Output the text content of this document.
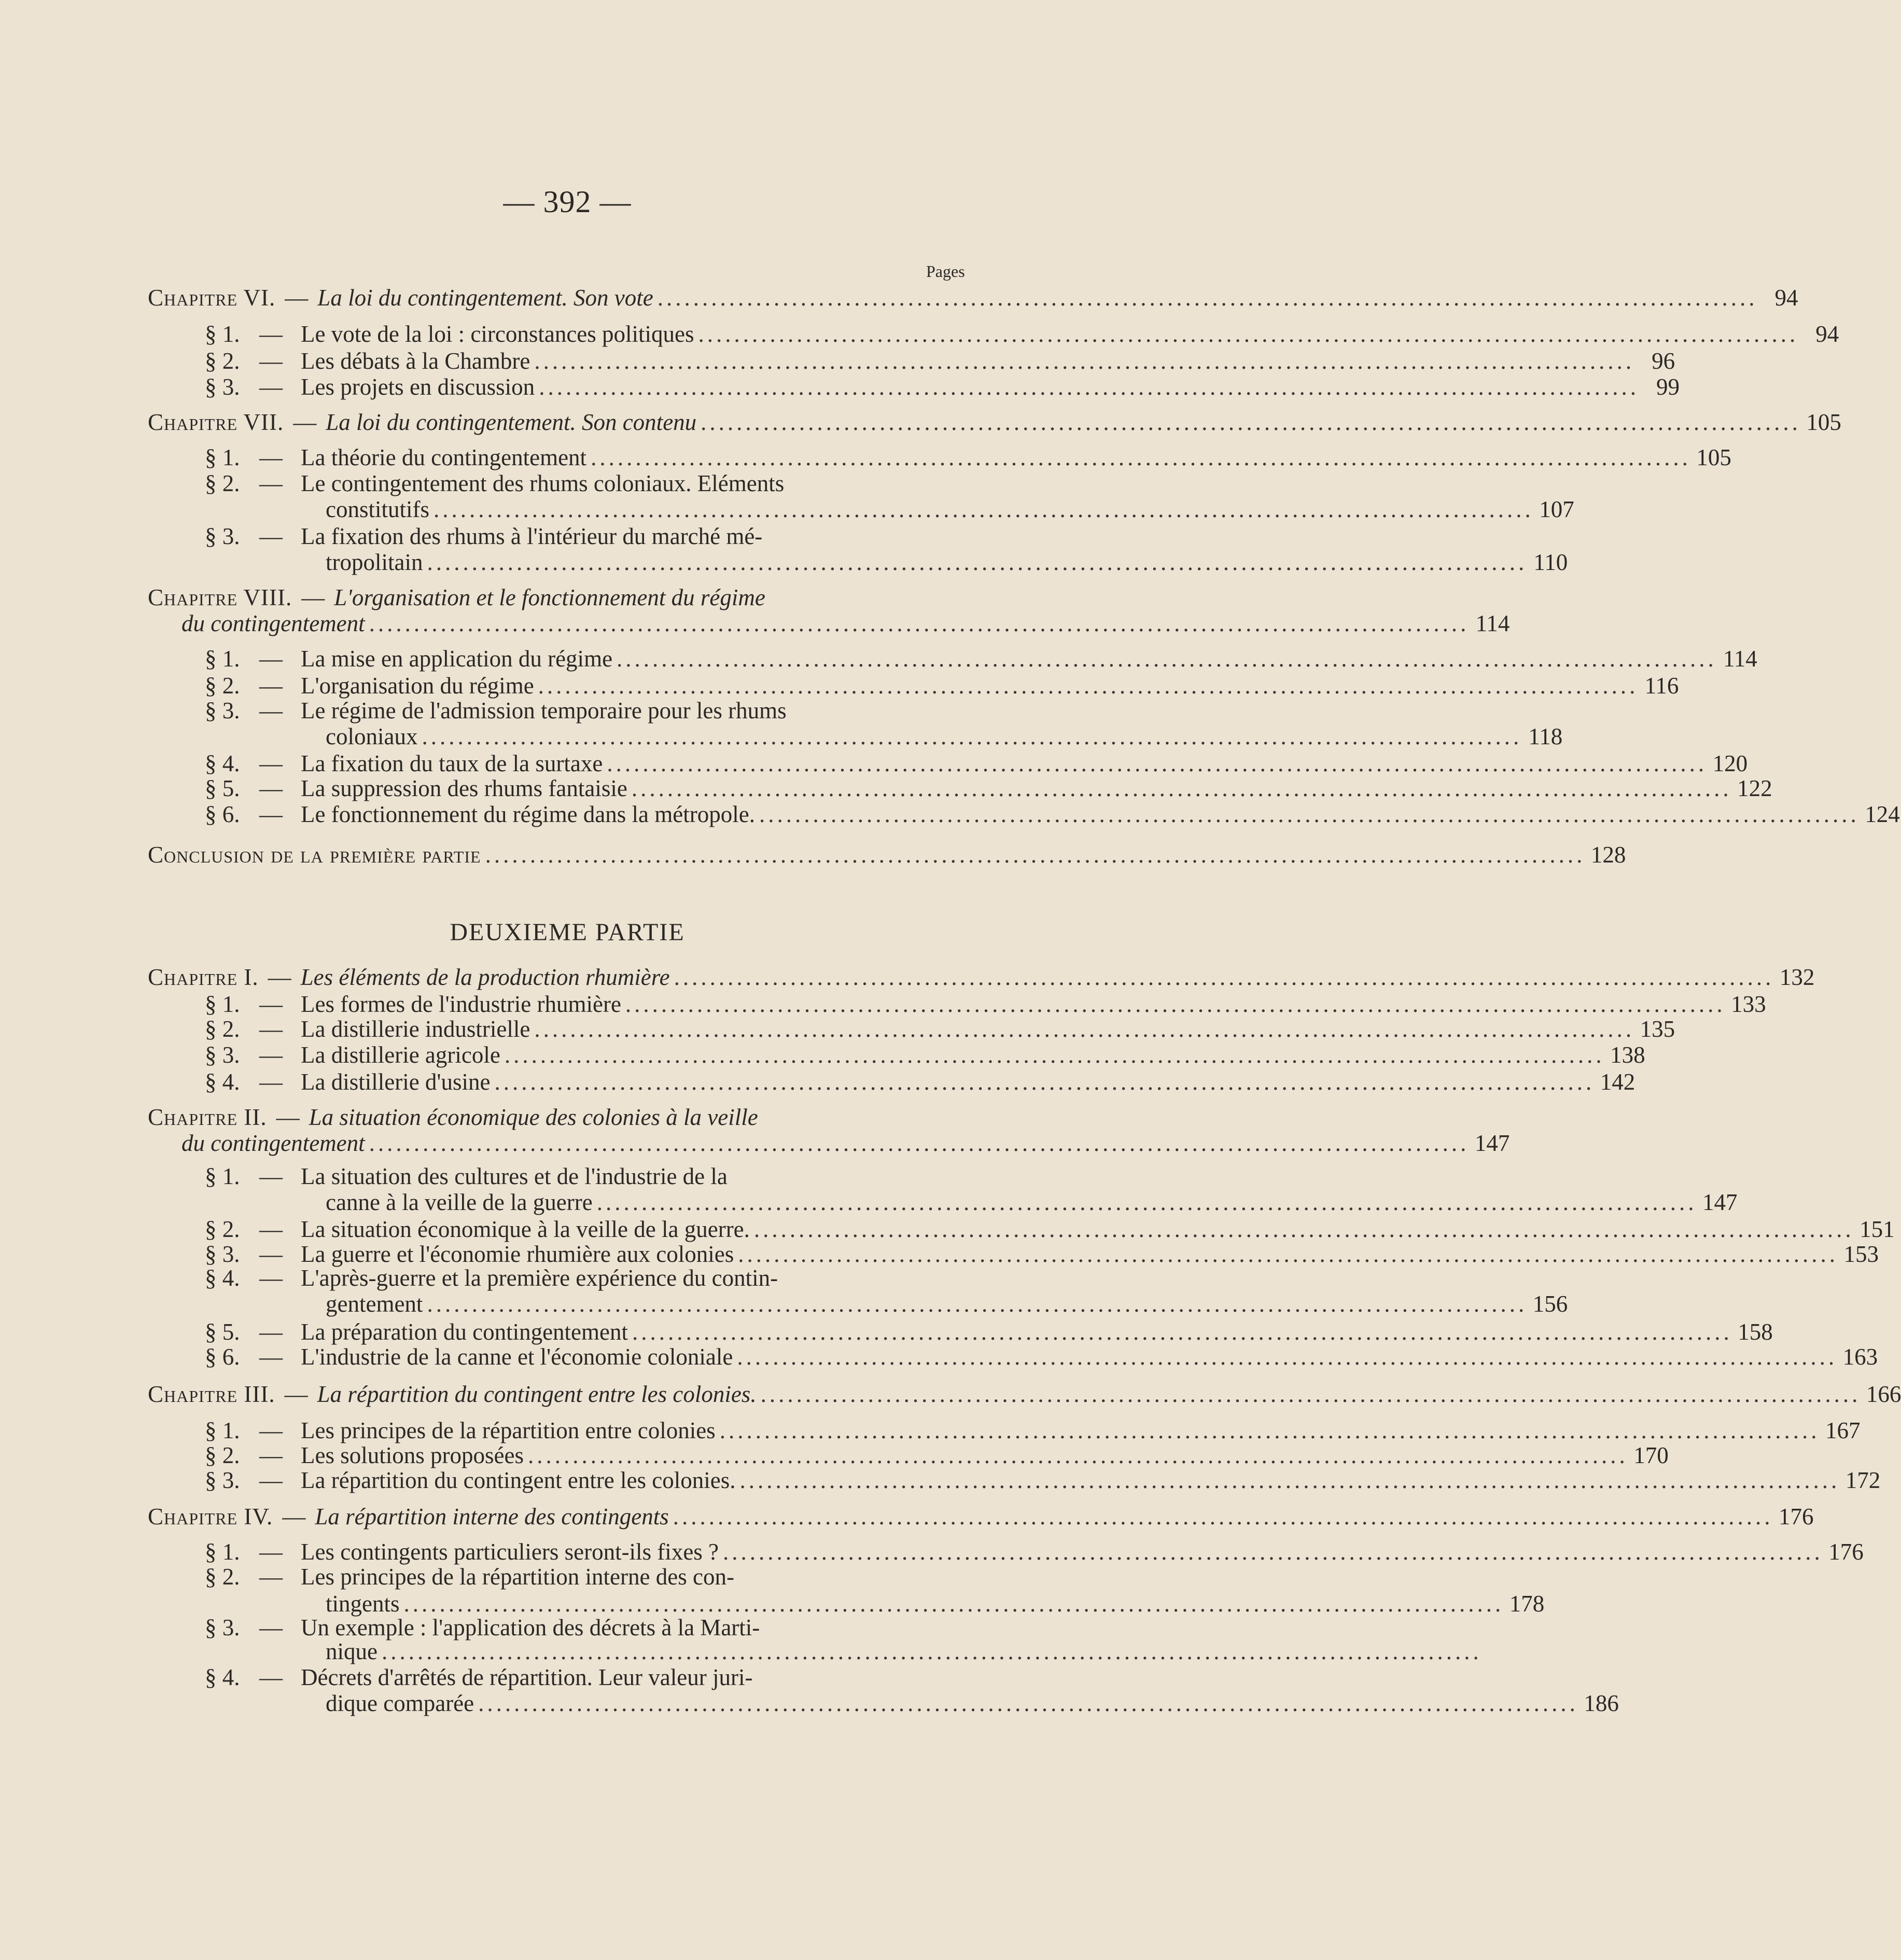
— 392 —
Pages
DEUXIEME PARTIE
Chapitre VI. — La loi du contingentement. Son vote ........................................................................................................................... 94
§ 1. — Le vote de la loi : circonstances politiques ........................................................................................................................... 94
§ 2. — Les débats à la Chambre ........................................................................................................................... 96
§ 3. — Les projets en discussion ........................................................................................................................... 99
Chapitre VII. — La loi du contingentement. Son contenu ........................................................................................................................... 105
§ 1. — La théorie du contingentement ........................................................................................................................... 105
§ 2. — Le contingentement des rhums coloniaux. Eléments
constitutifs ........................................................................................................................... 107
§ 3. — La fixation des rhums à l'intérieur du marché mé-
tropolitain ........................................................................................................................... 110
Chapitre VIII. — L'organisation et le fonctionnement du régime
du contingentement ........................................................................................................................... 114
§ 1. — La mise en application du régime ........................................................................................................................... 114
§ 2. — L'organisation du régime ........................................................................................................................... 116
§ 3. — Le régime de l'admission temporaire pour les rhums
coloniaux ........................................................................................................................... 118
§ 4. — La fixation du taux de la surtaxe ........................................................................................................................... 120
§ 5. — La suppression des rhums fantaisie ........................................................................................................................... 122
§ 6. — Le fonctionnement du régime dans la métropole. ........................................................................................................................... 124
Conclusion de la première partie ........................................................................................................................... 128
Chapitre I. — Les éléments de la production rhumière ........................................................................................................................... 132
§ 1. — Les formes de l'industrie rhumière ........................................................................................................................... 133
§ 2. — La distillerie industrielle ........................................................................................................................... 135
§ 3. — La distillerie agricole ........................................................................................................................... 138
§ 4. — La distillerie d'usine ........................................................................................................................... 142
Chapitre II. — La situation économique des colonies à la veille
du contingentement ........................................................................................................................... 147
§ 1. — La situation des cultures et de l'industrie de la
canne à la veille de la guerre ........................................................................................................................... 147
§ 2. — La situation économique à la veille de la guerre. ........................................................................................................................... 151
§ 3. — La guerre et l'économie rhumière aux colonies ........................................................................................................................... 153
§ 4. — L'après-guerre et la première expérience du contin-
gentement ........................................................................................................................... 156
§ 5. — La préparation du contingentement ........................................................................................................................... 158
§ 6. — L'industrie de la canne et l'économie coloniale ........................................................................................................................... 163
Chapitre III. — La répartition du contingent entre les colonies. ........................................................................................................................... 166
§ 1. — Les principes de la répartition entre colonies ........................................................................................................................... 167
§ 2. — Les solutions proposées ........................................................................................................................... 170
§ 3. — La répartition du contingent entre les colonies. ........................................................................................................................... 172
Chapitre IV. — La répartition interne des contingents ........................................................................................................................... 176
§ 1. — Les contingents particuliers seront-ils fixes ? ........................................................................................................................... 176
§ 2. — Les principes de la répartition interne des con-
tingents ........................................................................................................................... 178
§ 3. — Un exemple : l'application des décrets à la Marti-
nique ...........................................................................................................................
§ 4. — Décrets d'arrêtés de répartition. Leur valeur juri-
dique comparée ........................................................................................................................... 186
